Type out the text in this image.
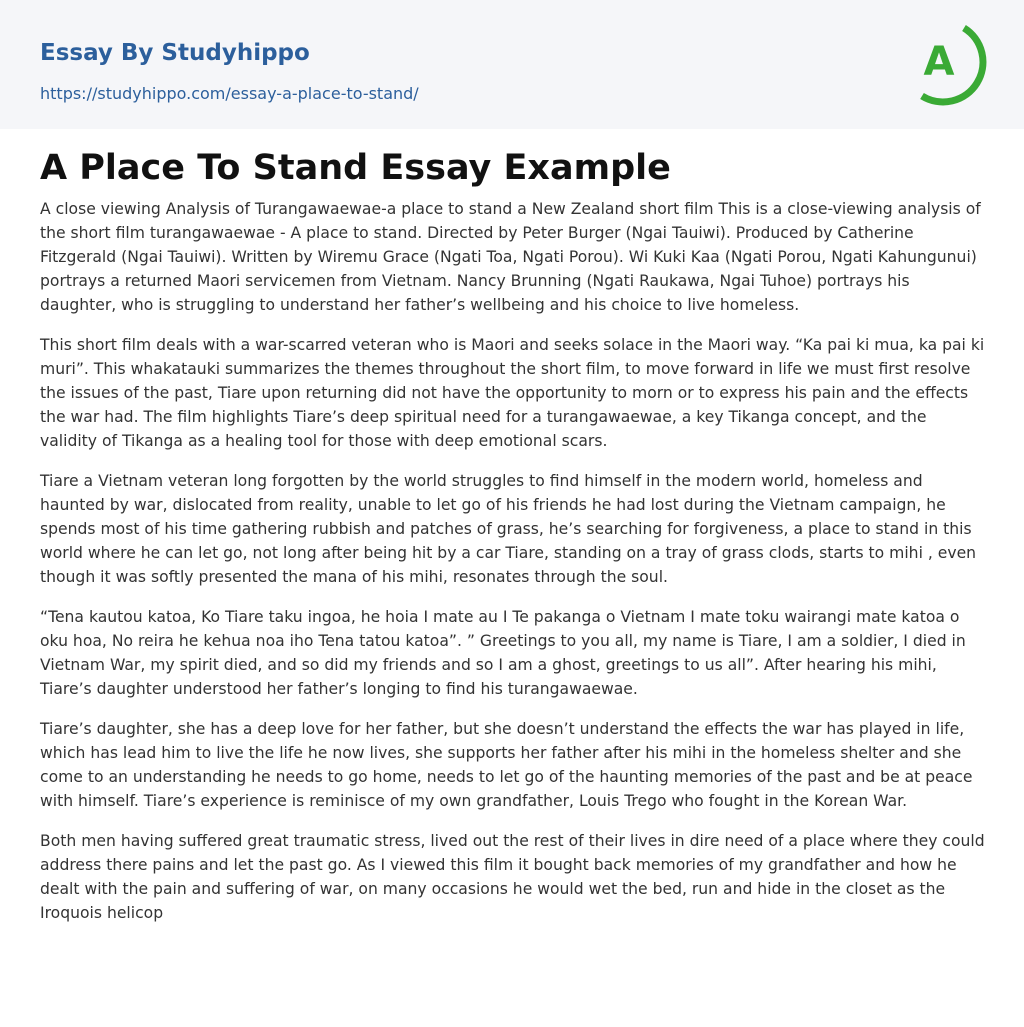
Essay By Studyhippo
https://studyhippo.com/essay-a-place-to-stand/
A
A Place To Stand Essay Example

A close viewing Analysis of Turangawaewae-a place to stand a New Zealand short film This is a close-viewing analysis of the short film turangawaewae - A place to stand. Directed by Peter Burger (Ngai Tauiwi). Produced by Catherine Fitzgerald (Ngai Tauiwi). Written by Wiremu Grace (Ngati Toa, Ngati Porou). Wi Kuki Kaa (Ngati Porou, Ngati Kahungunui) portrays a returned Maori servicemen from Vietnam. Nancy Brunning (Ngati Raukawa, Ngai Tuhoe) portrays his daughter, who is struggling to understand her father’s wellbeing and his choice to live homeless.

This short film deals with a war-scarred veteran who is Maori and seeks solace in the Maori way. “Ka pai ki mua, ka pai ki muri”. This whakatauki summarizes the themes throughout the short film, to move forward in life we must first resolve the issues of the past, Tiare upon returning did not have the opportunity to morn or to express his pain and the effects the war had. The film highlights Tiare’s deep spiritual need for a turangawaewae, a key Tikanga concept, and the validity of Tikanga as a healing tool for those with deep emotional scars.

Tiare a Vietnam veteran long forgotten by the world struggles to find himself in the modern world, homeless and haunted by war, dislocated from reality, unable to let go of his friends he had lost during the Vietnam campaign, he spends most of his time gathering rubbish and patches of grass, he’s searching for forgiveness, a place to stand in this world where he can let go, not long after being hit by a car Tiare, standing on a tray of grass clods, starts to mihi , even though it was softly presented the mana of his mihi, resonates through the soul.

“Tena kautou katoa, Ko Tiare taku ingoa, he hoia I mate au I Te pakanga o Vietnam I mate toku wairangi mate katoa o oku hoa, No reira he kehua noa iho Tena tatou katoa”. ” Greetings to you all, my name is Tiare, I am a soldier, I died in Vietnam War, my spirit died, and so did my friends and so I am a ghost, greetings to us all”. After hearing his mihi, Tiare’s daughter understood her father’s longing to find his turangawaewae.

Tiare’s daughter, she has a deep love for her father, but she doesn’t understand the effects the war has played in life, which has lead him to live the life he now lives, she supports her father after his mihi in the homeless shelter and she come to an understanding he needs to go home, needs to let go of the haunting memories of the past and be at peace with himself. Tiare’s experience is reminisce of my own grandfather, Louis Trego who fought in the Korean War.

Both men having suffered great traumatic stress, lived out the rest of their lives in dire need of a place where they could address there pains and let the past go. As I viewed this film it bought back memories of my grandfather and how he dealt with the pain and suffering of war, on many occasions he would wet the bed, run and hide in the closet as the Iroquois helicop
